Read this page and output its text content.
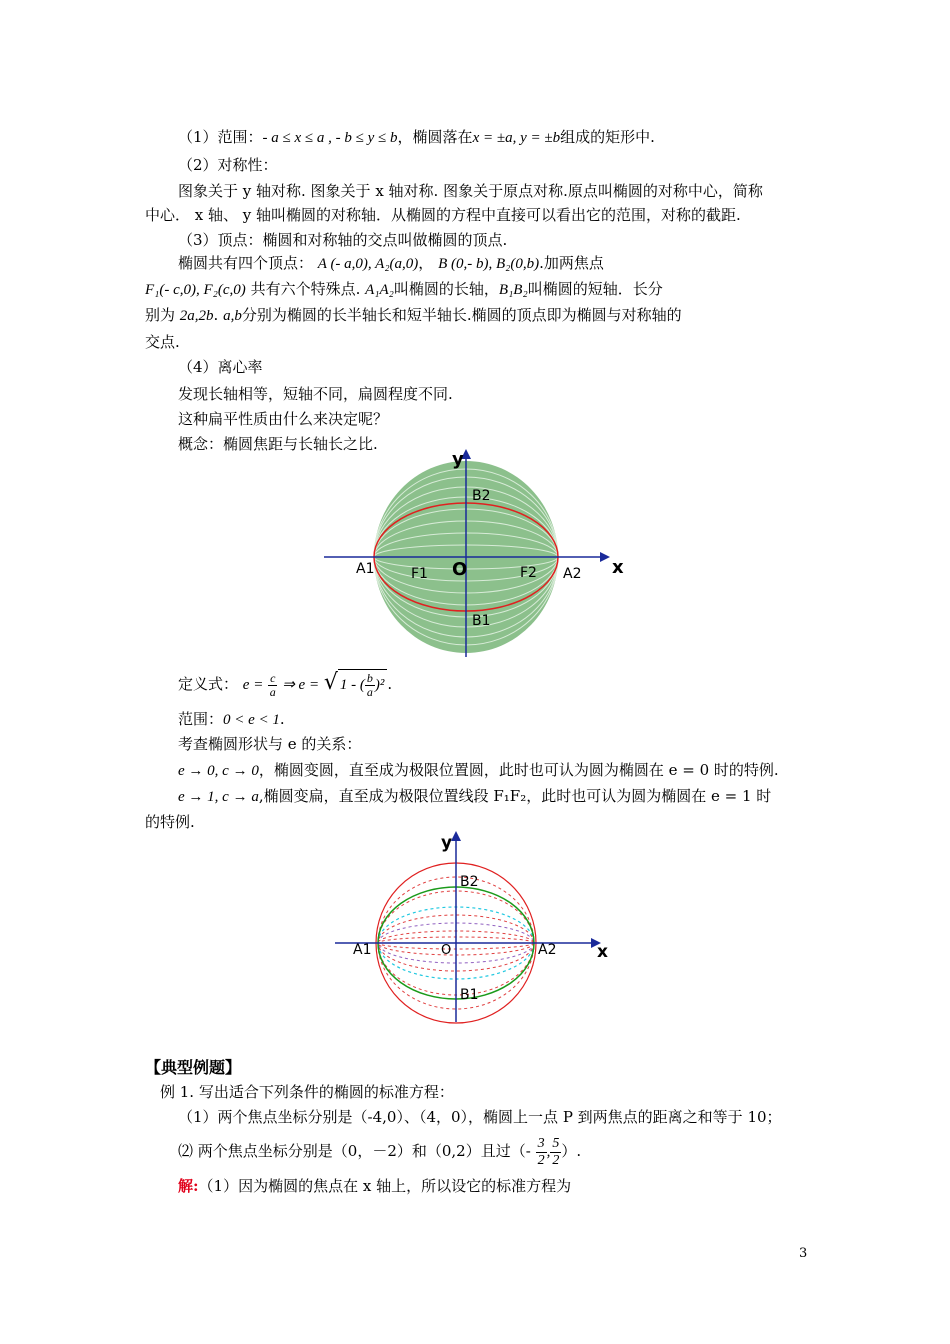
（1）范围：- a ≤ x ≤ a , - b ≤ y ≤ b，椭圆落在x = ±a, y = ±b组成的矩形中.
（2）对称性：
图象关于 y 轴对称. 图象关于 x 轴对称. 图象关于原点对称.原点叫椭圆的对称中心，简称
中心． x 轴、 y 轴叫椭圆的对称轴．从椭圆的方程中直接可以看出它的范围，对称的截距.
（3）顶点：椭圆和对称轴的交点叫做椭圆的顶点.
椭圆共有四个顶点： A (- a,0), A₂(a,0)， B (0,- b), B₂(0,b).加两焦点
F₁(- c,0), F₂(c,0) 共有六个特殊点. A₁A₂叫椭圆的长轴，B₁B₂叫椭圆的短轴．长分
别为 2a,2b. a,b分别为椭圆的长半轴长和短半轴长.椭圆的顶点即为椭圆与对称轴的
交点.
（4）离心率
发现长轴相等，短轴不同，扁圆程度不同.
这种扁平性质由什么来决定呢？
概念：椭圆焦距与长轴长之比.
y
x
O
A1	A2
B1
B2
F1	F2
定义式： $e = \frac{c}{a}$ ⇒ e = √ 1 - ( $\frac{b}{a} )^2$ .
范围：0 < e < 1.
考查椭圆形状与 e 的关系：
e → 0, c → 0，椭圆变圆，直至成为极限位置圆，此时也可认为圆为椭圆在 e = 0 时的特例.
e → 1, c → a,椭圆变扁，直至成为极限位置线段 F₁F₂，此时也可认为圆为椭圆在 e = 1 时
的特例.
y
x
O
A1	A2
B2
B1
【典型例题】
例 1. 写出适合下列条件的椭圆的标准方程：
（1）两个焦点坐标分别是（-4,0）、（4，0），椭圆上一点 P 到两焦点的距离之和等于 10；
⑵ 两个焦点坐标分别是（0，－2）和（0,2）且过（- $\frac{3}{2}$ , $\frac{5}{2}$ ）.
解:（1）因为椭圆的焦点在 x 轴上，所以设它的标准方程为
3
